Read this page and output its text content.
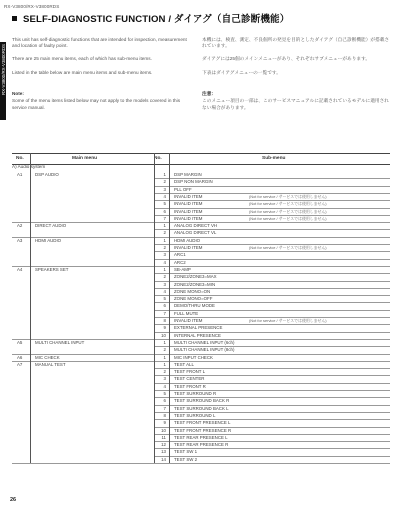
RX-V3800/RX-V3800RDS
RX-V3800/RX-V3800RDS
SELF-DIAGNOSTIC FUNCTION / ダイアグ（自己診断機能）

This unit has self-diagnostic functions that are intended for inspection, measurement and location of faulty point.

There are 25 main menu items, each of which has sub-menu items.

Listed in the table below are main menu items and sub-menu items.

Note:
Some of the menu items listed below may not apply to the models covered in this service manual.

本機には、検査、測定、不良個所の発見を目的としたダイアグ（自己診断機能）が搭載されています。

ダイアグには25個のメインメニューがあり、それぞれサブメニューがあります。

下表はダイアグメニューの一覧です。

注意：
このメニュー項目の一部は、このサービスマニュアルに記載されているモデルに適用されない場合があります。

No.	Main menu	No.	Sub-menu
A) Audio system
A1	DSP AUDIO	1 DSP MARGIN
2 DSP NON MARGIN
3 PLL OFF
4 INVALID ITEM	(Not for service / サービスでは使用しません)
5 INVALID ITEM	(Not for service / サービスでは使用しません)
6 INVALID ITEM	(Not for service / サービスでは使用しません)
7 INVALID ITEM	(Not for service / サービスでは使用しません)
A2	DIRECT AUDIO	1 ANALOG DIRECT VH
2 ANALOG DIRECT VL
A3	HDMI AUDIO	1 HDMI AUDIO
2 INVALID ITEM	(Not for service / サービスでは使用しません)
3 ARC1
4 ARC2
A4	SPEAKERS SET	1 SB-AMP
2 ZONE2/ZONE3=MAX
3 ZONE2/ZONE3=MIN
4 ZONE MONO=ON
5 ZONE MONO=OFF
6 DEMO/THRU MODE
7 FULL MUTE
8 INVALID ITEM	(Not for service / サービスでは使用しません)
9 EXTERNAL PRESENCE
10 INTERNAL PRESENCE
A5	MULTI CHANNEL INPUT	1 MULTI CHANNEL INPUT (6ch)
2 MULTI CHANNEL INPUT (8ch)
A6	MIC CHECK	1 MIC INPUT CHECK
A7	MANUAL TEST	1 TEST ALL
2 TEST FRONT L
3 TEST CENTER
4 TEST FRONT R
5 TEST SURROUND R
6 TEST SURROUND BACK R
7 TEST SURROUND BACK L
8 TEST SURROUND L
9 TEST FRONT PRESENCE L
10 TEST FRONT PRESENCE R
11 TEST REAR PRESENCE L
12 TEST REAR PRESENCE R
13 TEST SW 1
14 TEST SW 2
26
